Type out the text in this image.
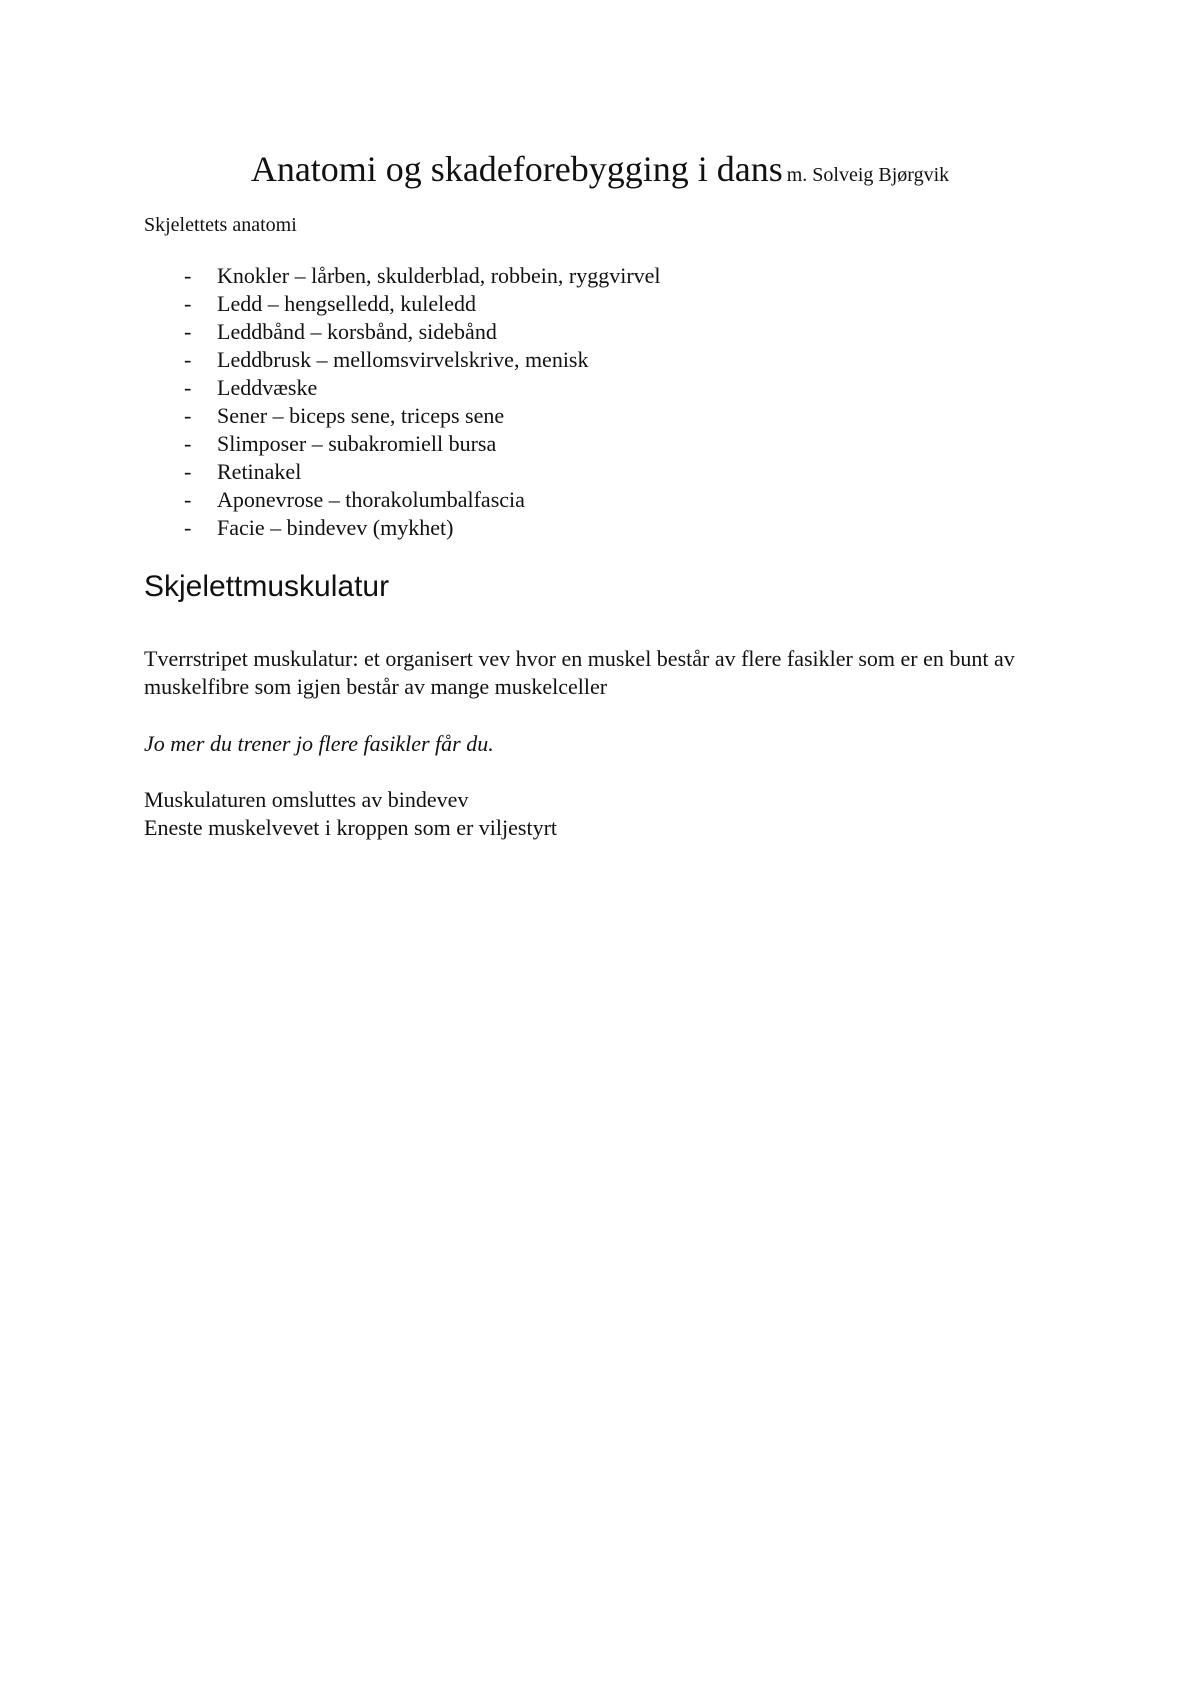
Anatomi og skadeforebygging i dans m. Solveig Bjørgvik
Skjelettets anatomi
- Knokler – lårben, skulderblad, robbein, ryggvirvel
- Ledd – hengselledd, kuleledd
- Leddbånd – korsbånd, sidebånd
- Leddbrusk – mellomsvirvelskrive, menisk
- Leddvæske
- Sener – biceps sene, triceps sene
- Slimposer – subakromiell bursa
- Retinakel
- Aponevrose – thorakolumbalfascia
- Facie – bindevev (mykhet)
Skjelettmuskulatur

Tverrstripet muskulatur: et organisert vev hvor en muskel består av flere fasikler som er en bunt av muskelfibre som igjen består av mange muskelceller

Jo mer du trener jo flere fasikler får du.

Muskulaturen omsluttes av bindevev
Eneste muskelvevet i kroppen som er viljestyrt
